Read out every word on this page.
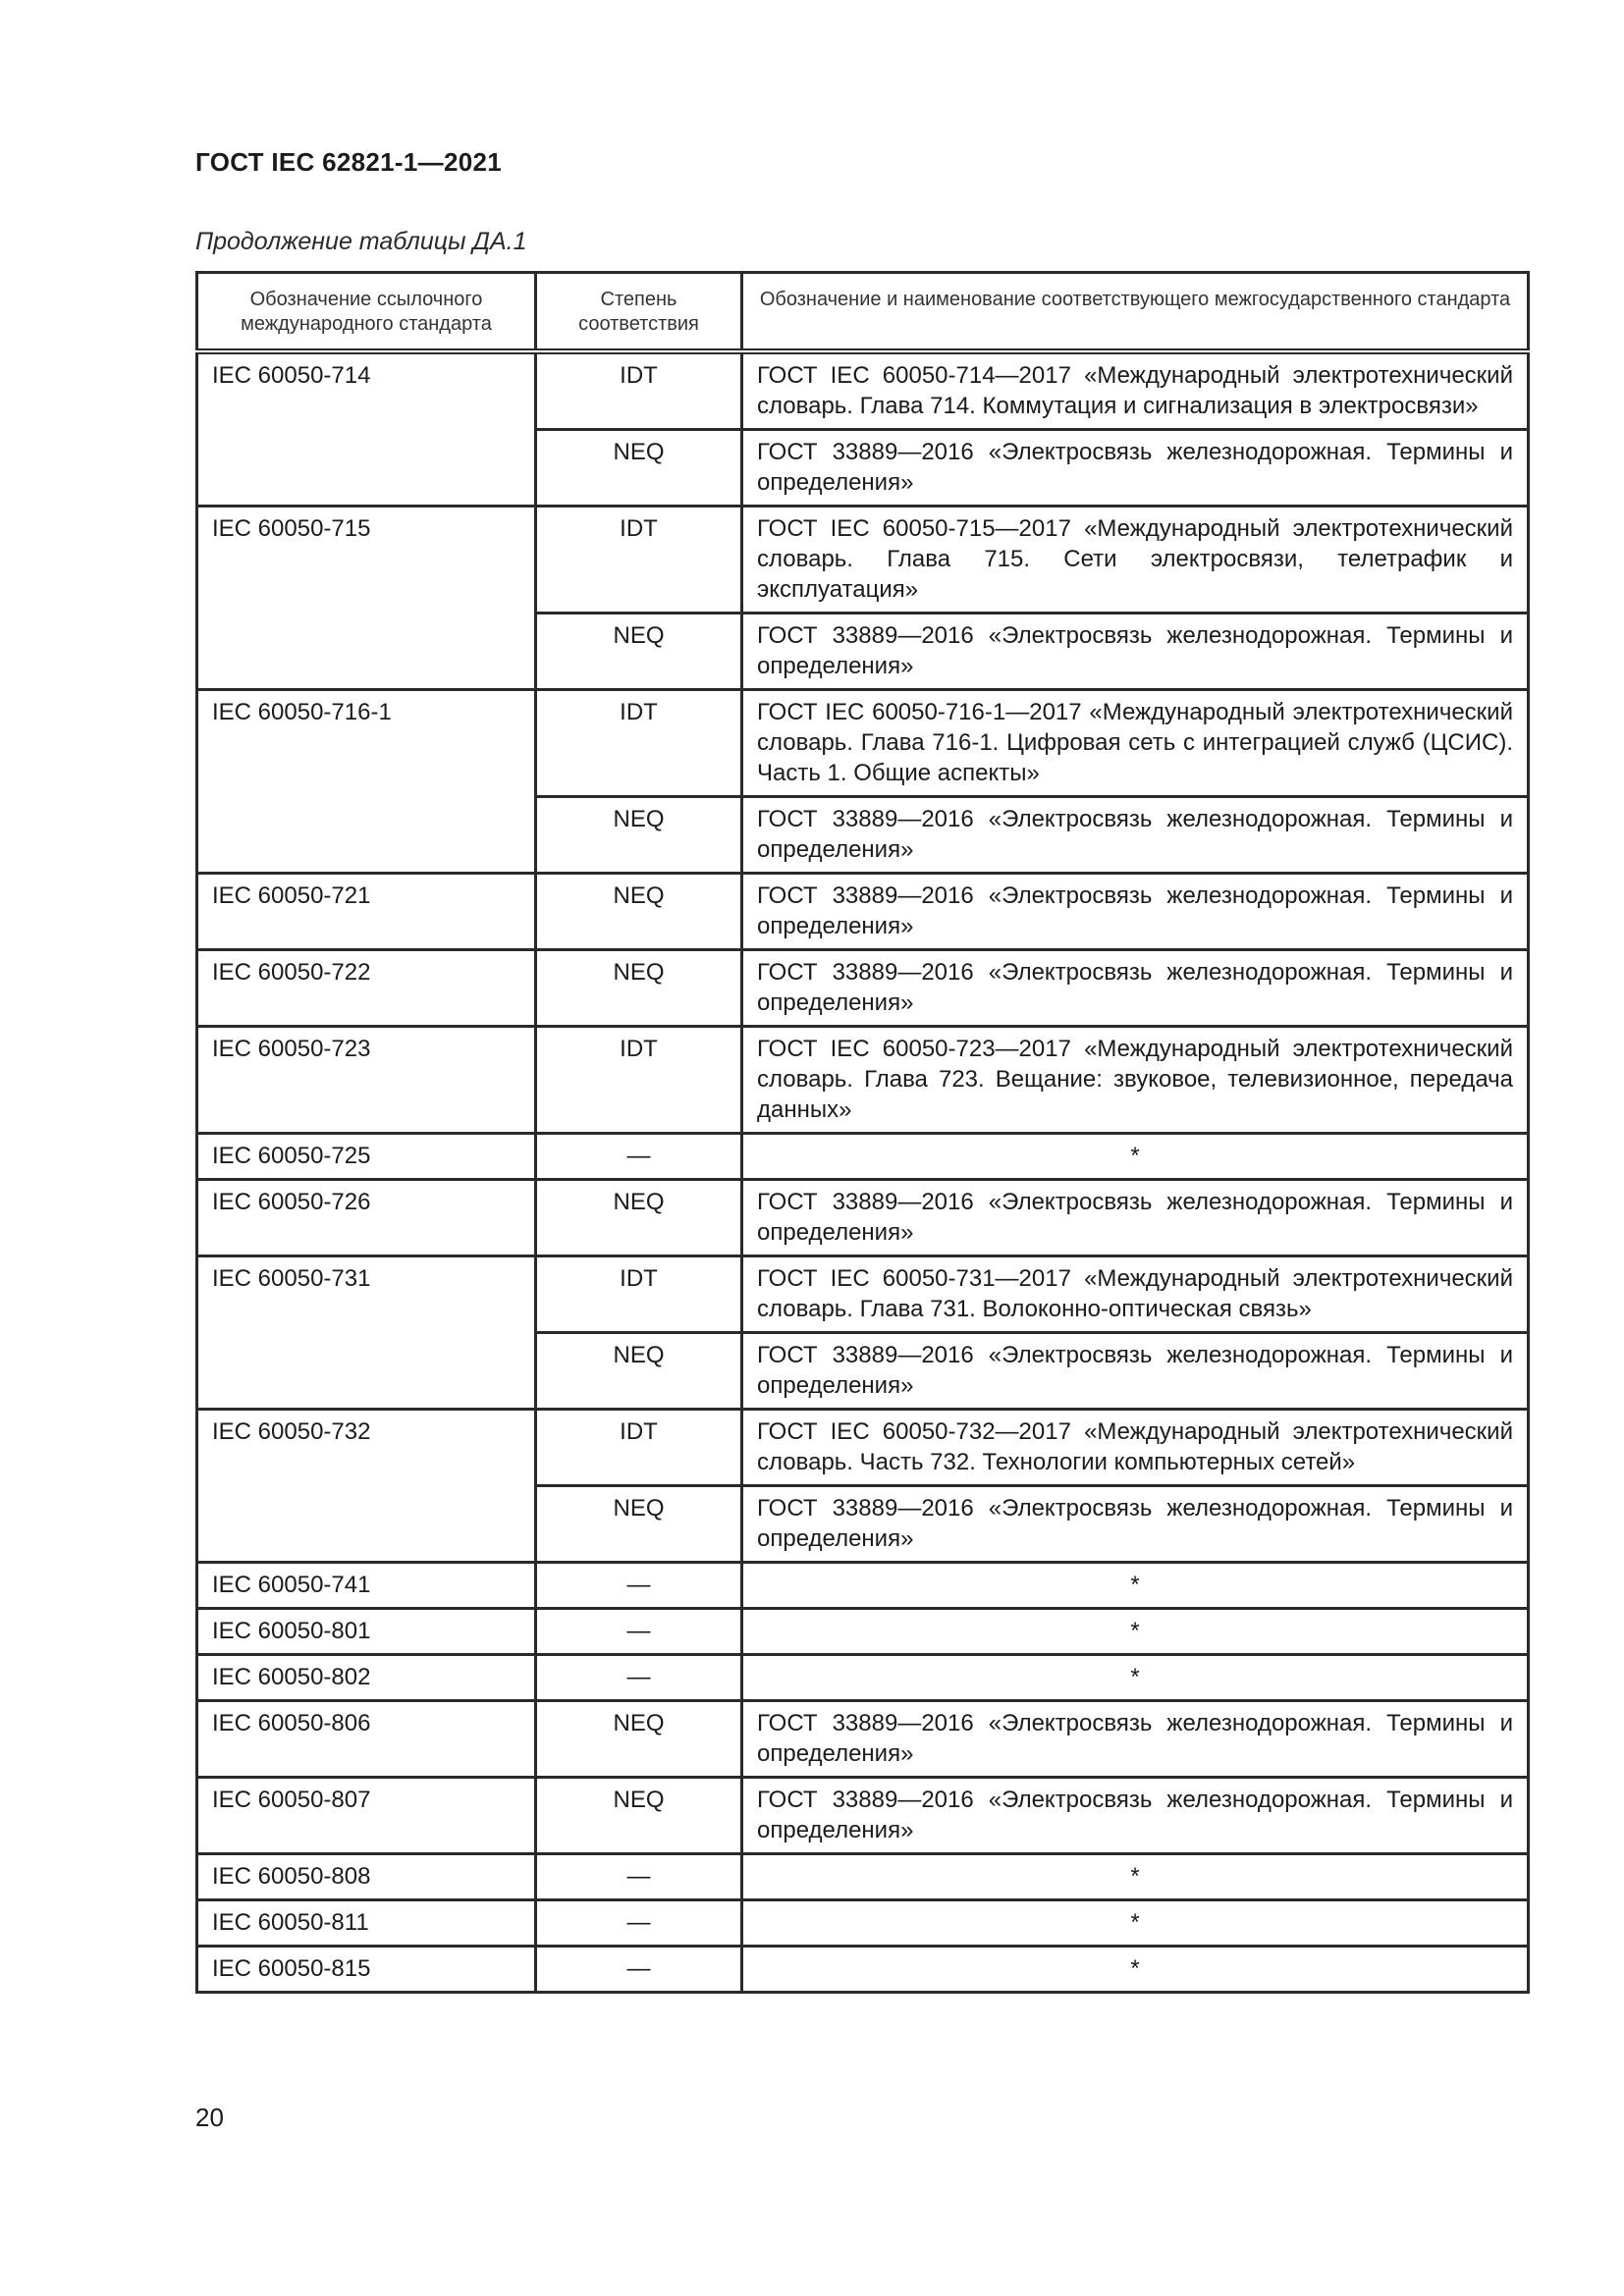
ГОСТ IEC 62821-1—2021
Продолжение таблицы ДА.1
Обозначение ссылочного международного стандарта	Степень соответствия	Обозначение и наименование соответствующего межгосударственного стандарта
IEC 60050-714	IDT	ГОСТ IEC 60050-714—2017 «Международный электротехнический словарь. Глава 714. Коммутация и сигнализация в электросвязи»
	NEQ	ГОСТ 33889—2016 «Электросвязь железнодорожная. Термины и определения»
IEC 60050-715	IDT	ГОСТ IEC 60050-715—2017 «Международный электротехнический словарь. Глава 715. Сети электросвязи, телетрафик и эксплуатация»
	NEQ	ГОСТ 33889—2016 «Электросвязь железнодорожная. Термины и определения»
IEC 60050-716-1	IDT	ГОСТ IEC 60050-716-1—2017 «Международный электротехнический словарь. Глава 716-1. Цифровая сеть с интеграцией служб (ЦСИС). Часть 1. Общие аспекты»
	NEQ	ГОСТ 33889—2016 «Электросвязь железнодорожная. Термины и определения»
IEC 60050-721	NEQ	ГОСТ 33889—2016 «Электросвязь железнодорожная. Термины и определения»
IEC 60050-722	NEQ	ГОСТ 33889—2016 «Электросвязь железнодорожная. Термины и определения»
IEC 60050-723	IDT	ГОСТ IEC 60050-723—2017 «Международный электротехнический словарь. Глава 723. Вещание: звуковое, телевизионное, передача данных»
IEC 60050-725	—	*
IEC 60050-726	NEQ	ГОСТ 33889—2016 «Электросвязь железнодорожная. Термины и определения»
IEC 60050-731	IDT	ГОСТ IEC 60050-731—2017 «Международный электротехнический словарь. Глава 731. Волоконно-оптическая связь»
	NEQ	ГОСТ 33889—2016 «Электросвязь железнодорожная. Термины и определения»
IEC 60050-732	IDT	ГОСТ IEC 60050-732—2017 «Международный электротехнический словарь. Часть 732. Технологии компьютерных сетей»
	NEQ	ГОСТ 33889—2016 «Электросвязь железнодорожная. Термины и определения»
IEC 60050-741	—	*
IEC 60050-801	—	*
IEC 60050-802	—	*
IEC 60050-806	NEQ	ГОСТ 33889—2016 «Электросвязь железнодорожная. Термины и определения»
IEC 60050-807	NEQ	ГОСТ 33889—2016 «Электросвязь железнодорожная. Термины и определения»
IEC 60050-808	—	*
IEC 60050-811	—	*
IEC 60050-815	—	*
20
